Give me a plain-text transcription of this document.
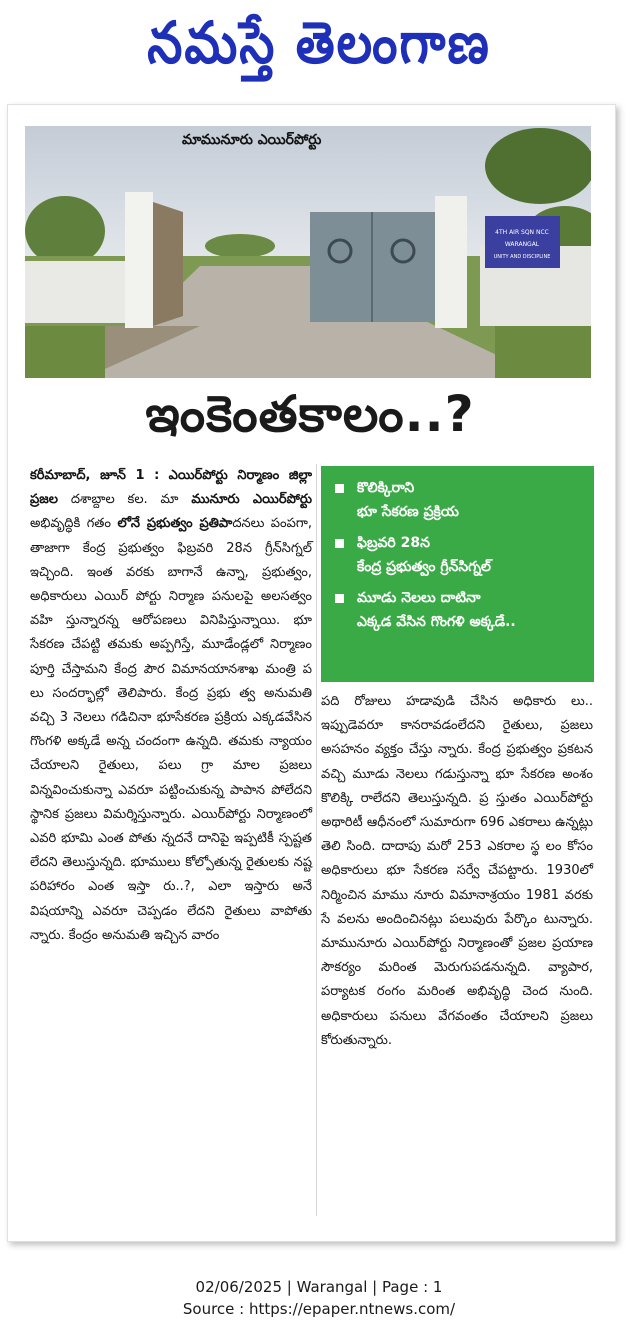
నమస్తే తెలంగాణ
4TH AIR SQN NCC
WARANGAL
UNITY AND DISCIPLINE
మామునూరు ఎయిర్‌పోర్టు
ఇంకెంతకాలం..?

కరీమాబాద్, జూన్ 1 : ఎయిర్‌పోర్టు నిర్మాణం జిల్లా ప్రజల దశాబ్దాల కల. మా మునూరు ఎయిర్‌పోర్టు అభివృద్ధికి గతం లోనే ప్రభుత్వం ప్రతిపాదనలు పంపగా, తాజాగా కేంద్ర ప్రభుత్వం ఫిబ్రవరి 28న గ్రీన్‌సిగ్నల్ ఇచ్చింది. ఇంత వరకు బాగానే ఉన్నా, ప్రభుత్వం, అధికారులు ఎయిర్ పోర్టు నిర్మాణ పనులపై అలసత్వం వహి స్తున్నారన్న ఆరోపణలు వినిపిస్తున్నాయి. భూ సేకరణ చేపట్టి తమకు అప్పగిస్తే, మూడేండ్లలో నిర్మాణం పూర్తి చేస్తామని కేంద్ర పౌర విమానయానశాఖ మంత్రి ప లు సందర్భాల్లో తెలిపారు. కేంద్ర ప్రభు త్వ అనుమతి వచ్చి 3 నెలలు గడిచినా భూసేకరణ ప్రక్రియ ఎక్కడవేసిన గొంగళి అక్కడే అన్న చందంగా ఉన్నది. తమకు న్యాయం చేయాలని రైతులు, పలు గ్రా మాల ప్రజలు విన్నవించుకున్నా ఎవరూ పట్టించుకున్న పాపాన పోలేదని స్థానిక ప్రజలు విమర్శిస్తున్నారు. ఎయిర్‌పోర్టు నిర్మాణంలో ఎవరి భూమి ఎంత పోతు న్నదనే దానిపై ఇప్పటికీ స్పష్టత లేదని తెలుస్తున్నది. భూములు కోల్పోతున్న రైతులకు నష్ట పరిహారం ఎంత ఇస్తా రు..?, ఎలా ఇస్తారు అనే విషయాన్ని ఎవరూ చెప్పడం లేదని రైతులు వాపోతు న్నారు. కేంద్రం అనుమతి ఇచ్చిన వారం

కొలిక్కిరాని
భూ సేకరణ ప్రక్రియ
ఫిబ్రవరి 28న
కేంద్ర ప్రభుత్వం గ్రీన్‌సిగ్నల్
మూడు నెలలు దాటినా
ఎక్కడ వేసిన గొంగళి అక్కడే..

పది రోజులు హడావుడి చేసిన అధికారు లు.. ఇప్పుడెవరూ కానరావడంలేదని రైతులు, ప్రజలు అసహనం వ్యక్తం చేస్తు న్నారు. కేంద్ర ప్రభుత్వం ప్రకటన వచ్చి మూడు నెలలు గడుస్తున్నా భూ సేకరణ అంశం కొలిక్కి రాలేదని తెలుస్తున్నది. ప్ర స్తుతం ఎయిర్‌పోర్టు అథారిటీ ఆధీనంలో సుమారుగా 696 ఎకరాలు ఉన్నట్లు తెలి సింది. దాదాపు మరో 253 ఎకరాల స్థ లం కోసం అధికారులు భూ సేకరణ సర్వే చేపట్టారు. 1930లో నిర్మించిన మాము నూరు విమానాశ్రయం 1981 వరకు సే వలను అందించినట్లు పలువురు పేర్కొం టున్నారు. మామునూరు ఎయిర్‌పోర్టు నిర్మాణంతో ప్రజల ప్రయాణ సౌకర్యం మరింత మెరుగుపడనున్నది. వ్యాపార, పర్యాటక రంగం మరింత అభివృద్ధి చెంద నుంది. అధికారులు పనులు వేగవంతం చేయాలని ప్రజలు కోరుతున్నారు.

02/06/2025 | Warangal | Page : 1
Source : https://epaper.ntnews.com/
